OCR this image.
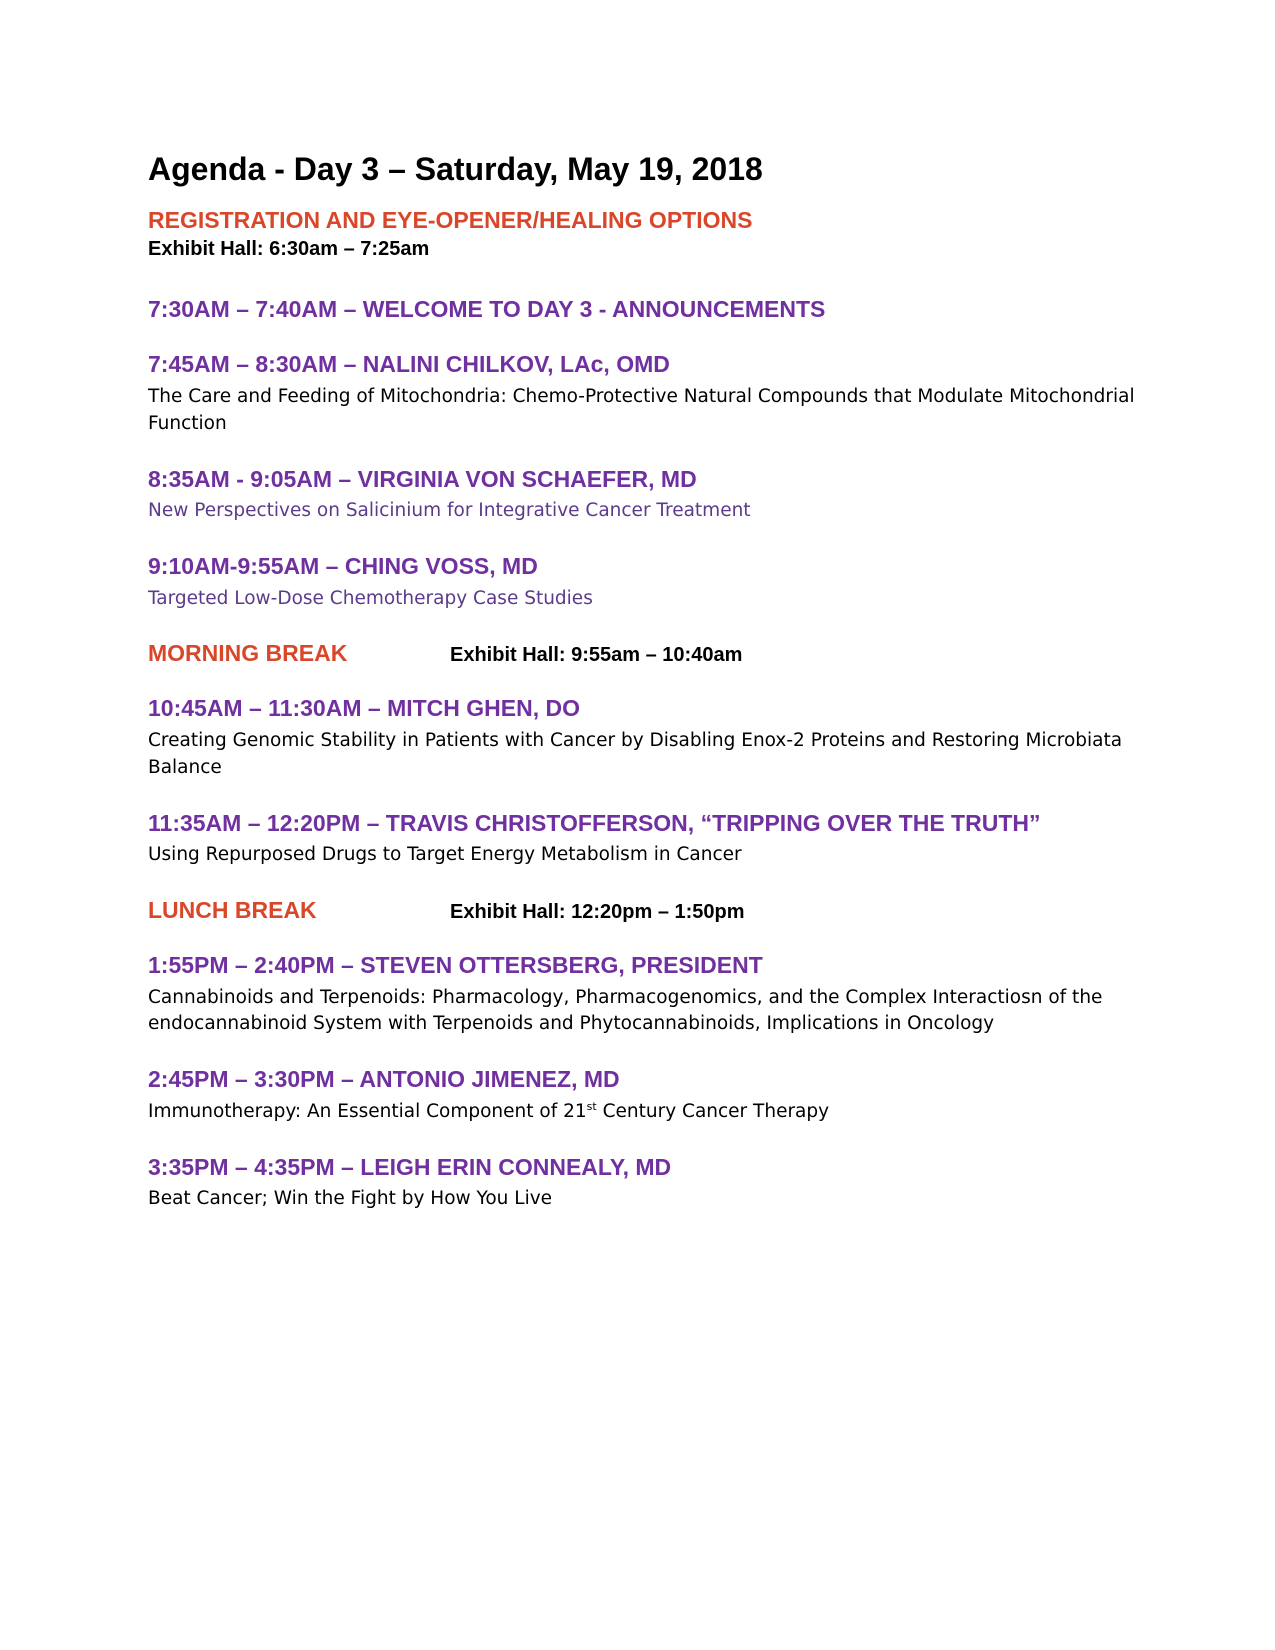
Agenda - Day 3 – Saturday, May 19, 2018

REGISTRATION AND EYE-OPENER/HEALING OPTIONS

Exhibit Hall: 6:30am – 7:25am

7:30AM – 7:40AM – WELCOME TO DAY 3 - ANNOUNCEMENTS

7:45AM – 8:30AM – NALINI CHILKOV, LAc, OMD

The Care and Feeding of Mitochondria: Chemo-Protective Natural Compounds that Modulate Mitochondrial Function

8:35AM - 9:05AM – VIRGINIA VON SCHAEFER, MD

New Perspectives on Salicinium for Integrative Cancer Treatment

9:10AM-9:55AM – CHING VOSS, MD

Targeted Low-Dose Chemotherapy Case Studies

MORNING BREAK	Exhibit Hall: 9:55am – 10:40am

10:45AM – 11:30AM – MITCH GHEN, DO

Creating Genomic Stability in Patients with Cancer by Disabling Enox-2 Proteins and Restoring Microbiata Balance

11:35AM – 12:20PM – TRAVIS CHRISTOFFERSON, “TRIPPING OVER THE TRUTH”

Using Repurposed Drugs to Target Energy Metabolism in Cancer

LUNCH BREAK	Exhibit Hall: 12:20pm – 1:50pm

1:55PM – 2:40PM – STEVEN OTTERSBERG, PRESIDENT

Cannabinoids and Terpenoids: Pharmacology, Pharmacogenomics, and the Complex Interactiosn of the endocannabinoid System with Terpenoids and Phytocannabinoids, Implications in Oncology

2:45PM – 3:30PM – ANTONIO JIMENEZ, MD

Immunotherapy: An Essential Component of 21st Century Cancer Therapy

3:35PM – 4:35PM – LEIGH ERIN CONNEALY, MD

Beat Cancer; Win the Fight by How You Live
